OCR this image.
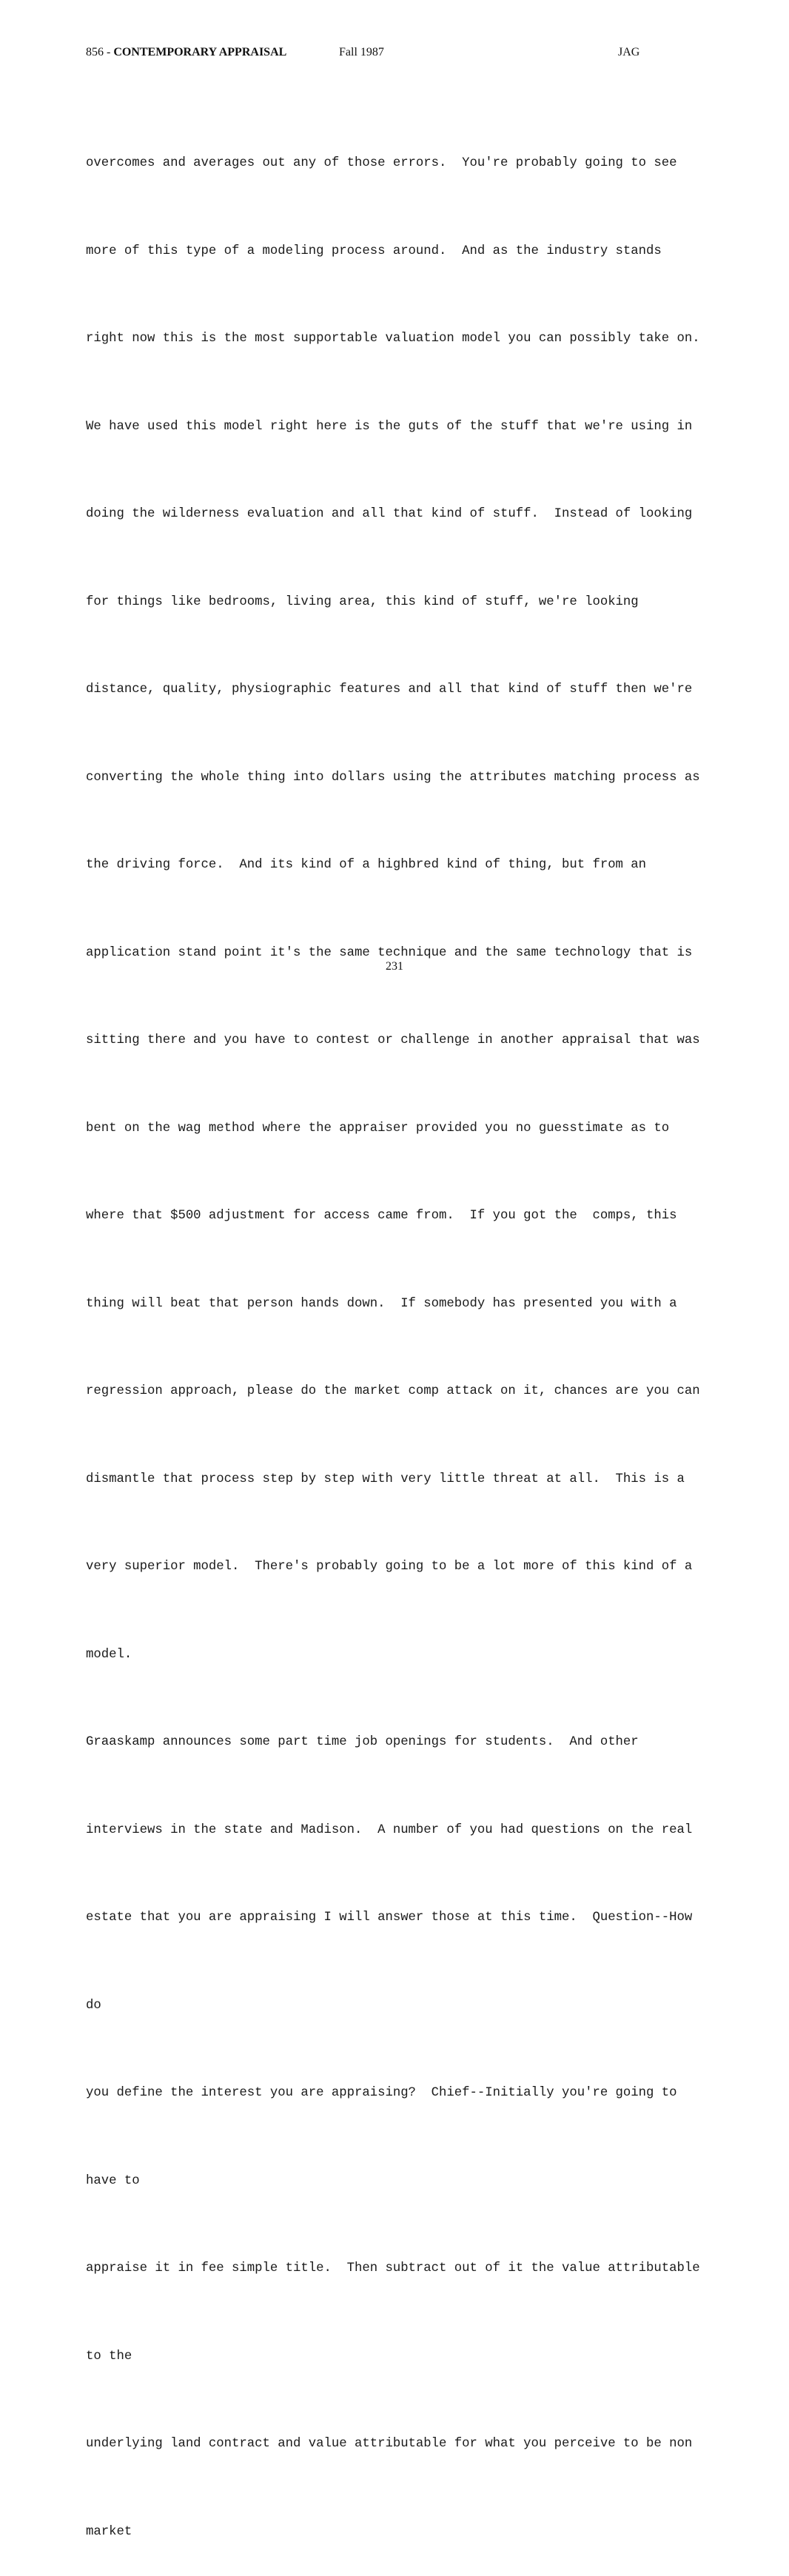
856 - CONTEMPORARY APPRAISAL	Fall 1987	JAG

overcomes and averages out any of those errors.  You're probably going to see

more of this type of a modeling process around.  And as the industry stands

right now this is the most supportable valuation model you can possibly take on.

We have used this model right here is the guts of the stuff that we're using in

doing the wilderness evaluation and all that kind of stuff.  Instead of looking

for things like bedrooms, living area, this kind of stuff, we're looking

distance, quality, physiographic features and all that kind of stuff then we're

converting the whole thing into dollars using the attributes matching process as

the driving force.  And its kind of a highbred kind of thing, but from an

application stand point it's the same technique and the same technology that is

sitting there and you have to contest or challenge in another appraisal that was

bent on the wag method where the appraiser provided you no guesstimate as to

where that $500 adjustment for access came from.  If you got the  comps, this

thing will beat that person hands down.  If somebody has presented you with a

regression approach, please do the market comp attack on it, chances are you can

dismantle that process step by step with very little threat at all.  This is a

very superior model.  There's probably going to be a lot more of this kind of a

model.

Graaskamp announces some part time job openings for students.  And other

interviews in the state and Madison.  A number of you had questions on the real

estate that you are appraising I will answer those at this time.  Question--How

do

you define the interest you are appraising?  Chief--Initially you're going to

have to

appraise it in fee simple title.  Then subtract out of it the value attributable

to the

underlying land contract and value attributable for what you perceive to be non

market

231
